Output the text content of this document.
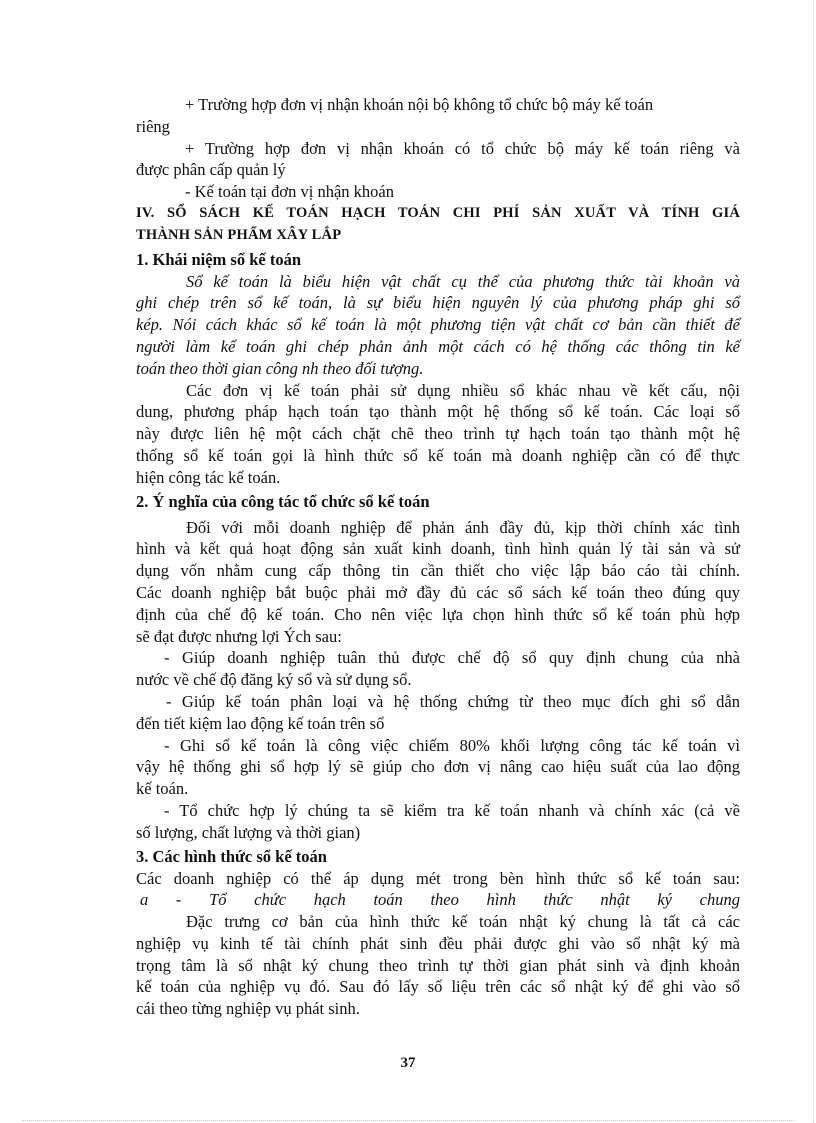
+ Trường hợp đơn vị nhận khoán nội bộ không tổ chức bộ máy kế toán
riêng
+ Trường hợp đơn vị nhận khoán có tổ chức bộ máy kế toán riêng và
được phân cấp quản lý
- Kế toán tại đơn vị nhận khoán
IV. SỔ SÁCH KẾ TOÁN HẠCH TOÁN CHI PHÍ SẢN XUẤT VÀ TÍNH GIÁ
THÀNH SẢN PHẨM XÂY LẮP
1. Khái niệm sổ kế toán
Sổ kế toán là biểu hiện vật chất cụ thể của phương thức tài khoản và
ghi chép trên sổ kế toán, là sự biểu hiện nguyên lý của phương pháp ghi sổ
kép. Nói cách khác sổ kế toán là một phương tiện vật chất cơ bản cần thiết để
người làm kế toán ghi chép phản ảnh một cách có hệ thống các thông tin kế
toán theo thời gian công nh theo đối tượng.
Các đơn vị kế toán phải sử dụng nhiều sổ khác nhau về kết cấu, nội
dung, phương pháp hạch toán tạo thành một hệ thống sổ kế toán. Các loại sổ
này được liên hệ một cách chặt chẽ theo trình tự hạch toán tạo thành một hệ
thống sổ kế toán gọi là hình thức sổ kế toán mà doanh nghiệp cần có để thực
hiện công tác kế toán.
2. Ý nghĩa của công tác tổ chức sổ kế toán
Đối với mỗi doanh nghiệp để phản ánh đầy đủ, kịp thời chính xác tình
hình và kết quả hoạt động sản xuất kinh doanh, tình hình quản lý tài sản và sử
dụng vốn nhằm cung cấp thông tin cần thiết cho việc lập báo cáo tài chính.
Các doanh nghiệp bắt buộc phải mở đầy đủ các sổ sách kế toán theo đúng quy
định của chế độ kế toán. Cho nên việc lựa chọn hình thức sổ kế toán phù hợp
sẽ đạt được nhưng lợi Ých sau:
- Giúp doanh nghiệp tuân thủ được chế độ sổ quy định chung của nhà
nước về chế độ đăng ký sổ và sử dụng sổ.
- Giúp kế toán phân loại và hệ thống chứng từ theo mục đích ghi sổ dẫn
đến tiết kiệm lao động kế toán trên sổ
- Ghi sổ kế toán là công việc chiếm 80% khối lượng công tác kế toán vì
vậy hệ thống ghi sổ hợp lý sẽ giúp cho đơn vị nâng cao hiệu suất của lao động
kế toán.
- Tổ chức hợp lý chúng ta sẽ kiểm tra kế toán nhanh và chính xác (cả về
số lượng, chất lượng và thời gian)
3. Các hình thức sổ kế toán
Các doanh nghiệp có thể áp dụng mét trong bèn hình thức sổ kế toán sau:
a - Tổ chức hạch toán theo hình thức nhật ký chung
Đặc trưng cơ bản của hình thức kế toán nhật ký chung là tất cả các
nghiệp vụ kinh tế tài chính phát sinh đều phải được ghi vào sổ nhật ký mà
trọng tâm là sổ nhật ký chung theo trình tự thời gian phát sinh và định khoản
kế toán của nghiệp vụ đó. Sau đó lấy số liệu trên các sổ nhật ký để ghi vào sổ
cái theo từng nghiệp vụ phát sinh.
37
